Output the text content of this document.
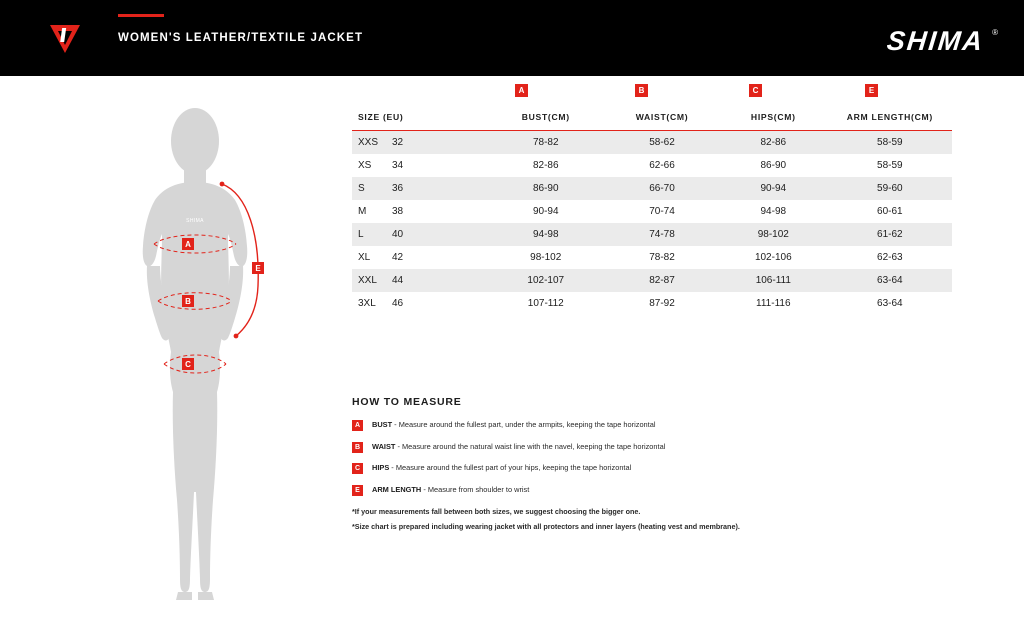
WOMEN'S LEATHER/TEXTILE JACKET	SHIMA ®
SHIMA
A
B
C
E
A	B	C	E
SIZE (EU)	BUST(CM)	WAIST(CM)	HIPS(CM)	ARM LENGTH(CM)
XXS 32	78-82	58-62	82-86	58-59
XS 34	82-86	62-66	86-90	58-59
S 36	86-90	66-70	90-94	59-60
M 38	90-94	70-74	94-98	60-61
L 40	94-98	74-78	98-102	61-62
XL 42	98-102	78-82	102-106	62-63
XXL 44	102-107	82-87	106-111	63-64
3XL 46	107-112	87-92	111-116	63-64
HOW TO MEASURE
A	BUST - Measure around the fullest part, under the armpits, keeping the tape horizontal
B	WAIST - Measure around the natural waist line with the navel, keeping the tape horizontal
C	HIPS - Measure around the fullest part of your hips, keeping the tape horizontal
E	ARM LENGTH - Measure from shoulder to wrist
*If your measurements fall between both sizes, we suggest choosing the bigger one.
*Size chart is prepared including wearing jacket with all protectors and inner layers (heating vest and membrane).
